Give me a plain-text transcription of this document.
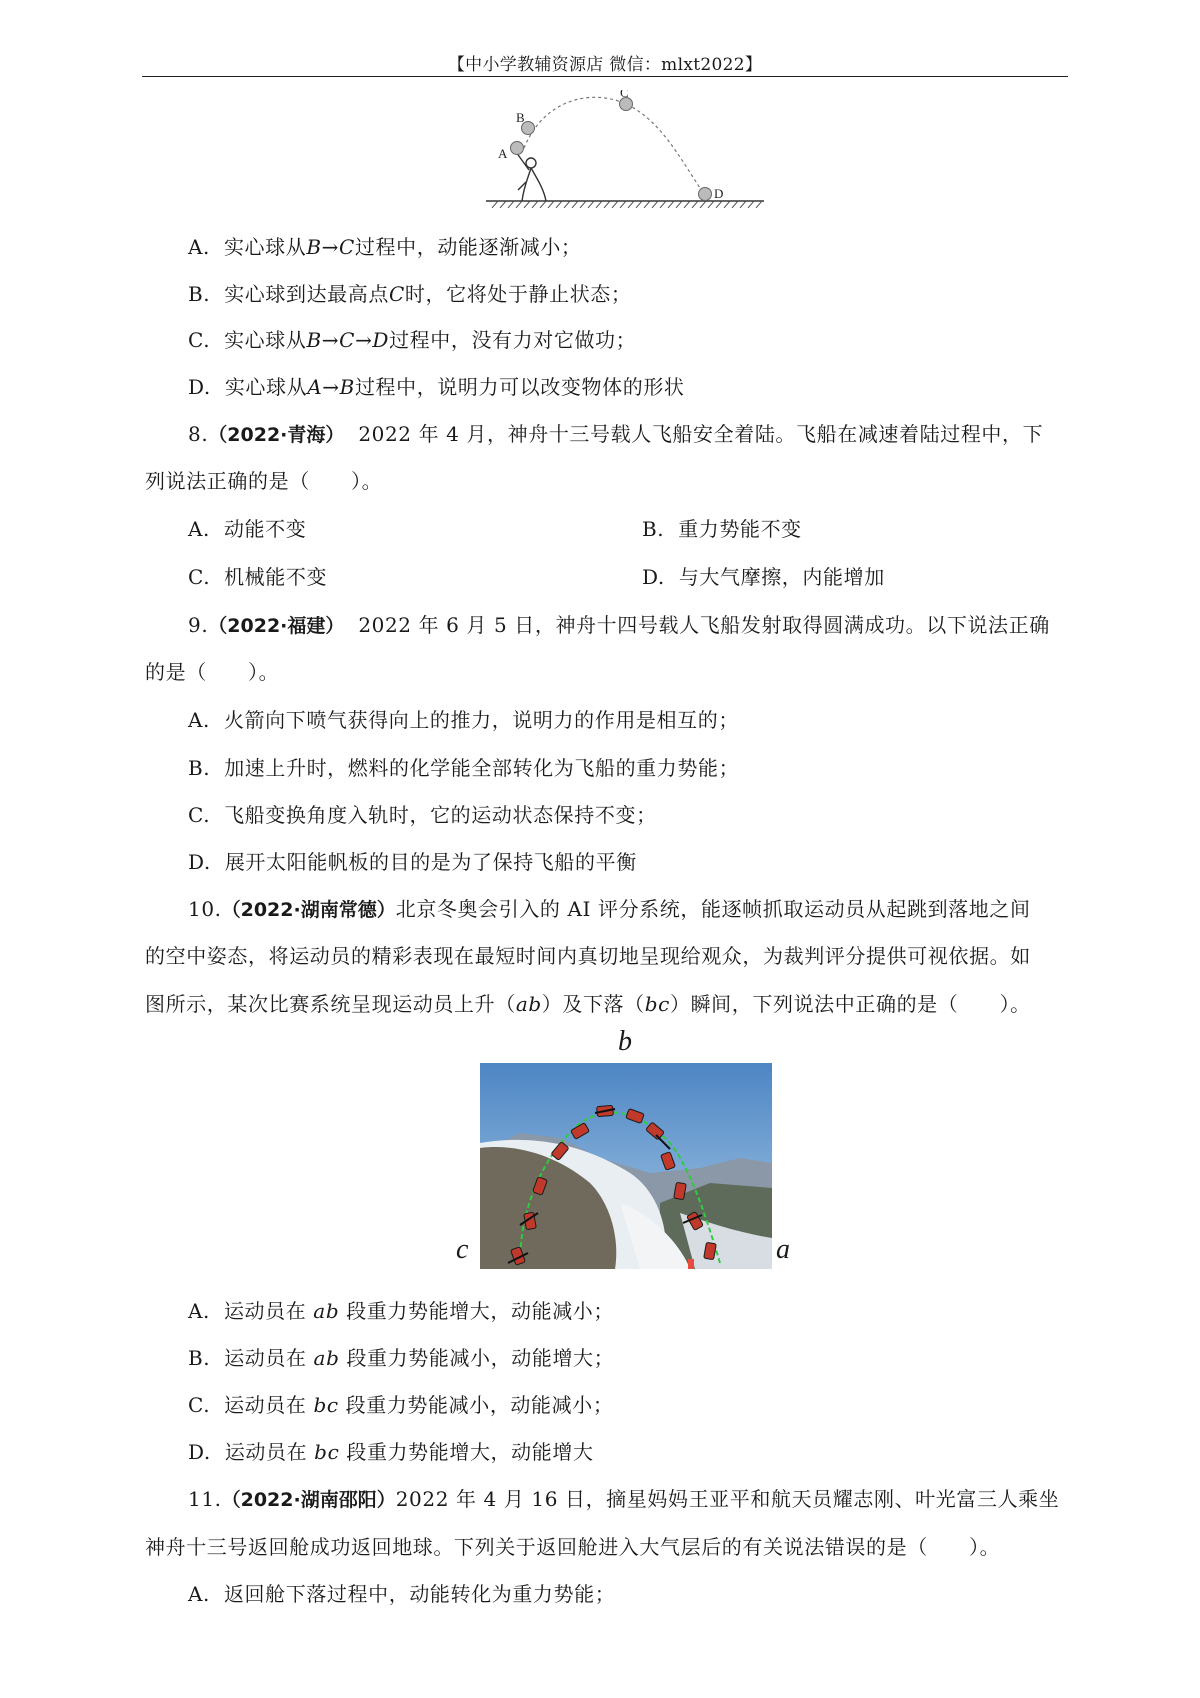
【中小学教辅资源店 微信：mlxt2022】
A
B
C
D
A. 实心球从B→C过程中，动能逐渐减小；
B. 实心球到达最高点C时，它将处于静止状态；
C. 实心球从B→C→D过程中，没有力对它做功；
D. 实心球从A→B过程中，说明力可以改变物体的形状
8.（2022·青海） 2022 年 4 月，神舟十三号载人飞船安全着陆。飞船在减速着陆过程中，下
列说法正确的是（　　）。
A. 动能不变	B. 重力势能不变
C. 机械能不变	D. 与大气摩擦，内能增加
9.（2022·福建） 2022 年 6 月 5 日，神舟十四号载人飞船发射取得圆满成功。以下说法正确
的是（　　）。
A. 火箭向下喷气获得向上的推力，说明力的作用是相互的；
B. 加速上升时，燃料的化学能全部转化为飞船的重力势能；
C. 飞船变换角度入轨时，它的运动状态保持不变；
D. 展开太阳能帆板的目的是为了保持飞船的平衡
10.（2022·湖南常德）北京冬奥会引入的 AI 评分系统，能逐帧抓取运动员从起跳到落地之间
的空中姿态，将运动员的精彩表现在最短时间内真切地呈现给观众，为裁判评分提供可视依据。如
图所示，某次比赛系统呈现运动员上升（ab）及下落（bc）瞬间，下列说法中正确的是（　　）。
b
c	a
A. 运动员在 ab 段重力势能增大，动能减小；
B. 运动员在 ab 段重力势能减小，动能增大；
C. 运动员在 bc 段重力势能减小，动能减小；
D. 运动员在 bc 段重力势能增大，动能增大
11.（2022·湖南邵阳）2022 年 4 月 16 日，摘星妈妈王亚平和航天员耀志刚、叶光富三人乘坐
神舟十三号返回舱成功返回地球。下列关于返回舱进入大气层后的有关说法错误的是（　　）。
A. 返回舱下落过程中，动能转化为重力势能；
